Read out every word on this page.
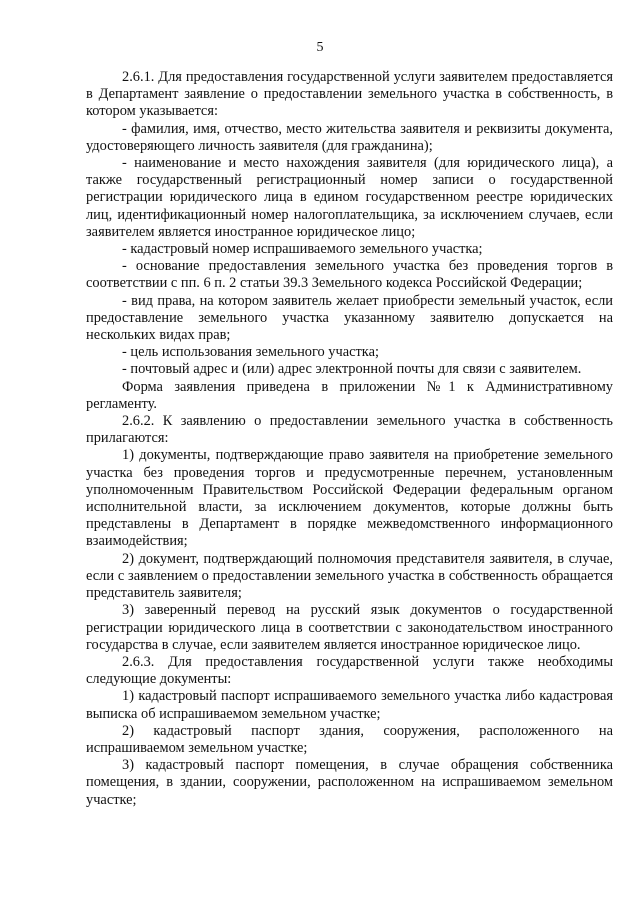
5

2.6.1. Для предоставления государственной услуги заявителем предоставляется в Департамент заявление о предоставлении земельного участка в собственность, в котором указывается:

- фамилия, имя, отчество, место жительства заявителя и реквизиты документа, удостоверяющего личность заявителя (для гражданина);

- наименование и место нахождения заявителя (для юридического лица), а также государственный регистрационный номер записи о государственной регистрации юридического лица в едином государственном реестре юридических лиц, идентификационный номер налогоплательщика, за исключением случаев, если заявителем является иностранное юридическое лицо;

- кадастровый номер испрашиваемого земельного участка;

- основание предоставления земельного участка без проведения торгов в соответствии с пп. 6 п. 2 статьи 39.3 Земельного кодекса Российской Федерации;

- вид права, на котором заявитель желает приобрести земельный участок, если предоставление земельного участка указанному заявителю допускается на нескольких видах прав;

- цель использования земельного участка;

- почтовый адрес и (или) адрес электронной почты для связи с заявителем.

Форма заявления приведена в приложении №1 к Административному регламенту.

2.6.2. К заявлению о предоставлении земельного участка в собственность прилагаются:

1) документы, подтверждающие право заявителя на приобретение земельного участка без проведения торгов и предусмотренные перечнем, установленным уполномоченным Правительством Российской Федерации федеральным органом исполнительной власти, за исключением документов, которые должны быть представлены в Департамент в порядке межведомственного информационного взаимодействия;

2) документ, подтверждающий полномочия представителя заявителя, в случае, если с заявлением о предоставлении земельного участка в собственность обращается представитель заявителя;

3) заверенный перевод на русский язык документов о государственной регистрации юридического лица в соответствии с законодательством иностранного государства в случае, если заявителем является иностранное юридическое лицо.

2.6.3. Для предоставления государственной услуги также необходимы следующие документы:

1) кадастровый паспорт испрашиваемого земельного участка либо кадастровая выписка об испрашиваемом земельном участке;

2) кадастровый паспорт здания, сооружения, расположенного на испрашиваемом земельном участке;

3) кадастровый паспорт помещения, в случае обращения собственника помещения, в здании, сооружении, расположенном на испрашиваемом земельном участке;
